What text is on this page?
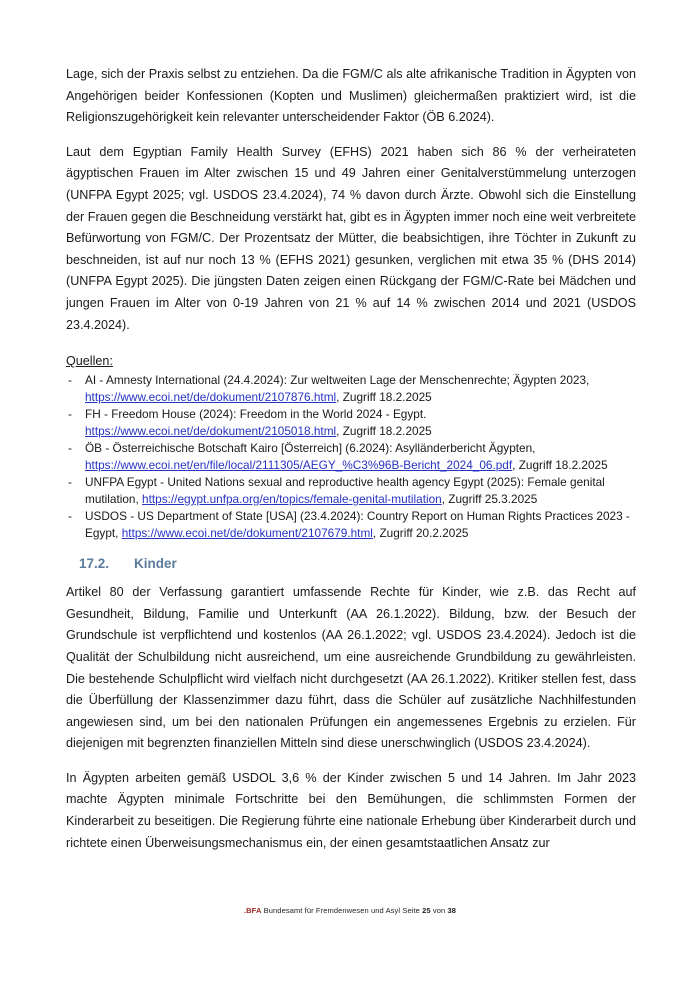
Lage, sich der Praxis selbst zu entziehen. Da die FGM/C als alte afrikanische Tradition in Ägypten von Angehörigen beider Konfessionen (Kopten und Muslimen) gleichermaßen praktiziert wird, ist die Religionszugehörigkeit kein relevanter unterscheidender Faktor (ÖB 6.2024).

Laut dem Egyptian Family Health Survey (EFHS) 2021 haben sich 86 % der verheirateten ägyptischen Frauen im Alter zwischen 15 und 49 Jahren einer Genitalverstümmelung unterzogen (UNFPA Egypt 2025; vgl. USDOS 23.4.2024), 74 % davon durch Ärzte. Obwohl sich die Einstellung der Frauen gegen die Beschneidung verstärkt hat, gibt es in Ägypten immer noch eine weit verbreitete Befürwortung von FGM/C. Der Prozentsatz der Mütter, die beabsichtigen, ihre Töchter in Zukunft zu beschneiden, ist auf nur noch 13 % (EFHS 2021) gesunken, verglichen mit etwa 35 % (DHS 2014) (UNFPA Egypt 2025). Die jüngsten Daten zeigen einen Rückgang der FGM/C-Rate bei Mädchen und jungen Frauen im Alter von 0-19 Jahren von 21 % auf 14 % zwischen 2014 und 2021 (USDOS 23.4.2024).

Quellen:
-	AI - Amnesty International (24.4.2024): Zur weltweiten Lage der Menschenrechte; Ägypten 2023, https://www.ecoi.net/de/dokument/2107876.html, Zugriff 18.2.2025
-	FH - Freedom House (2024): Freedom in the World 2024 - Egypt. https://www.ecoi.net/de/dokument/2105018.html, Zugriff 18.2.2025
-	ÖB - Österreichische Botschaft Kairo [Österreich] (6.2024): Asylländerbericht Ägypten, https://www.ecoi.net/en/file/local/2111305/AEGY_%C3%96B-Bericht_2024_06.pdf, Zugriff 18.2.2025
-	UNFPA Egypt - United Nations sexual and reproductive health agency Egypt (2025): Female genital mutilation, https://egypt.unfpa.org/en/topics/female-genital-mutilation, Zugriff 25.3.2025
-	USDOS - US Department of State [USA] (23.4.2024): Country Report on Human Rights Practices 2023 - Egypt, https://www.ecoi.net/de/dokument/2107679.html, Zugriff 20.2.2025
17.2. Kinder

Artikel 80 der Verfassung garantiert umfassende Rechte für Kinder, wie z.B. das Recht auf Gesundheit, Bildung, Familie und Unterkunft (AA 26.1.2022). Bildung, bzw. der Besuch der Grundschule ist verpflichtend und kostenlos (AA 26.1.2022; vgl. USDOS 23.4.2024). Jedoch ist die Qualität der Schulbildung nicht ausreichend, um eine ausreichende Grundbildung zu gewährleisten. Die bestehende Schulpflicht wird vielfach nicht durchgesetzt (AA 26.1.2022). Kritiker stellen fest, dass die Überfüllung der Klassenzimmer dazu führt, dass die Schüler auf zusätzliche Nachhilfestunden angewiesen sind, um bei den nationalen Prüfungen ein angemessenes Ergebnis zu erzielen. Für diejenigen mit begrenzten finanziellen Mitteln sind diese unerschwinglich (USDOS 23.4.2024).

In Ägypten arbeiten gemäß USDOL 3,6 % der Kinder zwischen 5 und 14 Jahren. Im Jahr 2023 machte Ägypten minimale Fortschritte bei den Bemühungen, die schlimmsten Formen der Kinderarbeit zu beseitigen. Die Regierung führte eine nationale Erhebung über Kinderarbeit durch und richtete einen Überweisungsmechanismus ein, der einen gesamtstaatlichen Ansatz zur

.BFA Bundesamt für Fremdenwesen und Asyl Seite 25 von 38
